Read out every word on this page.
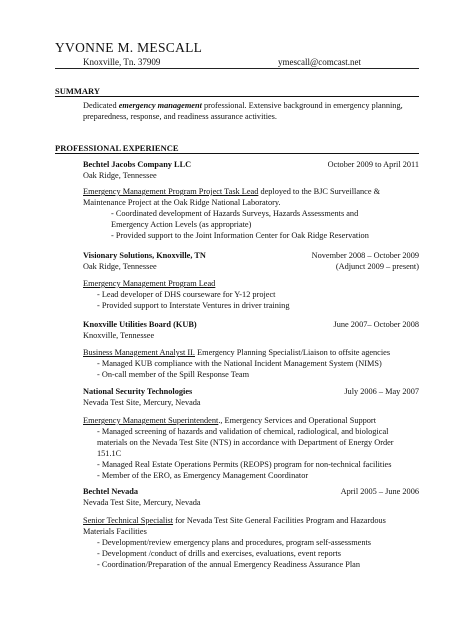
YVONNE M. MESCALL
Knoxville, Tn. 37909	ymescall@comcast.net
SUMMARY
Dedicated emergency management professional. Extensive background in emergency planning,
preparedness, response, and readiness assurance activities.
PROFESSIONAL EXPERIENCE
Bechtel Jacobs Company LLC	October 2009 to April 2011
Oak Ridge, Tennessee
Emergency Management Program Project Task Lead deployed to the BJC Surveillance &
Maintenance Project at the Oak Ridge National Laboratory.
- Coordinated development of Hazards Surveys, Hazards Assessments and
Emergency Action Levels (as appropriate)
- Provided support to the Joint Information Center for Oak Ridge Reservation
Visionary Solutions, Knoxville, TN	November 2008 – October 2009
Oak Ridge, Tennessee	(Adjunct 2009 – present)
Emergency Management Program Lead
- Lead developer of DHS courseware for Y-12 project
- Provided support to Interstate Ventures in driver training
Knoxville Utilities Board (KUB)	June 2007– October 2008
Knoxville, Tennessee
Business Management Analyst II. Emergency Planning Specialist/Liaison to offsite agencies
- Managed KUB compliance with the National Incident Management System (NIMS)
- On-call member of the Spill Response Team
National Security Technologies	July 2006 – May 2007
Nevada Test Site, Mercury, Nevada
Emergency Management Superintendent., Emergency Services and Operational Support
- Managed screening of hazards and validation of chemical, radiological, and biological
materials on the Nevada Test Site (NTS) in accordance with Department of Energy Order
151.1C
- Managed Real Estate Operations Permits (REOPS) program for non-technical facilities
- Member of the ERO, as Emergency Management Coordinator
Bechtel Nevada	April 2005 – June 2006
Nevada Test Site, Mercury, Nevada
Senior Technical Specialist for Nevada Test Site General Facilities Program and Hazardous
Materials Facilities
- Development/review emergency plans and procedures, program self-assessments
- Development /conduct of drills and exercises, evaluations, event reports
- Coordination/Preparation of the annual Emergency Readiness Assurance Plan
